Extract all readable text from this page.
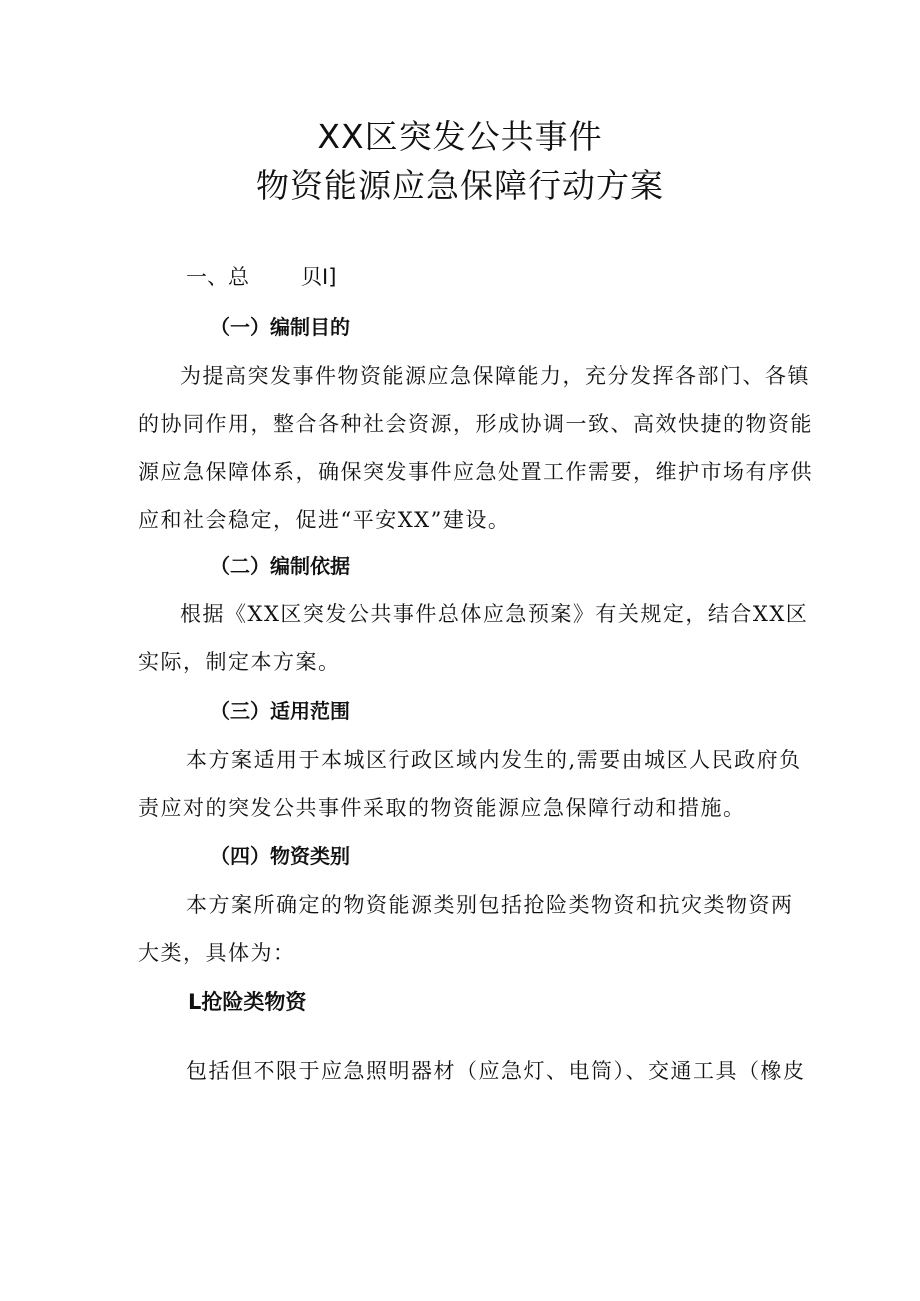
XX区突发公共事件
物资能源应急保障行动方案
一、总 贝I]
（一）编制目的
为提高突发事件物资能源应急保障能力，充分发挥各部门、各镇
的协同作用，整合各种社会资源，形成协调一致、高效快捷的物资能
源应急保障体系，确保突发事件应急处置工作需要，维护市场有序供
应和社会稳定，促进“平安XX”建设。
（二）编制依据
根据《XX区突发公共事件总体应急预案》有关规定，结合XX区
实际，制定本方案。
（三）适用范围
本方案适用于本城区行政区域内发生的,需要由城区人民政府负
责应对的突发公共事件采取的物资能源应急保障行动和措施。
（四）物资类别
本方案所确定的物资能源类别包括抢险类物资和抗灾类物资两
大类，具体为：
L抢险类物资
包括但不限于应急照明器材（应急灯、电筒）、交通工具（橡皮
